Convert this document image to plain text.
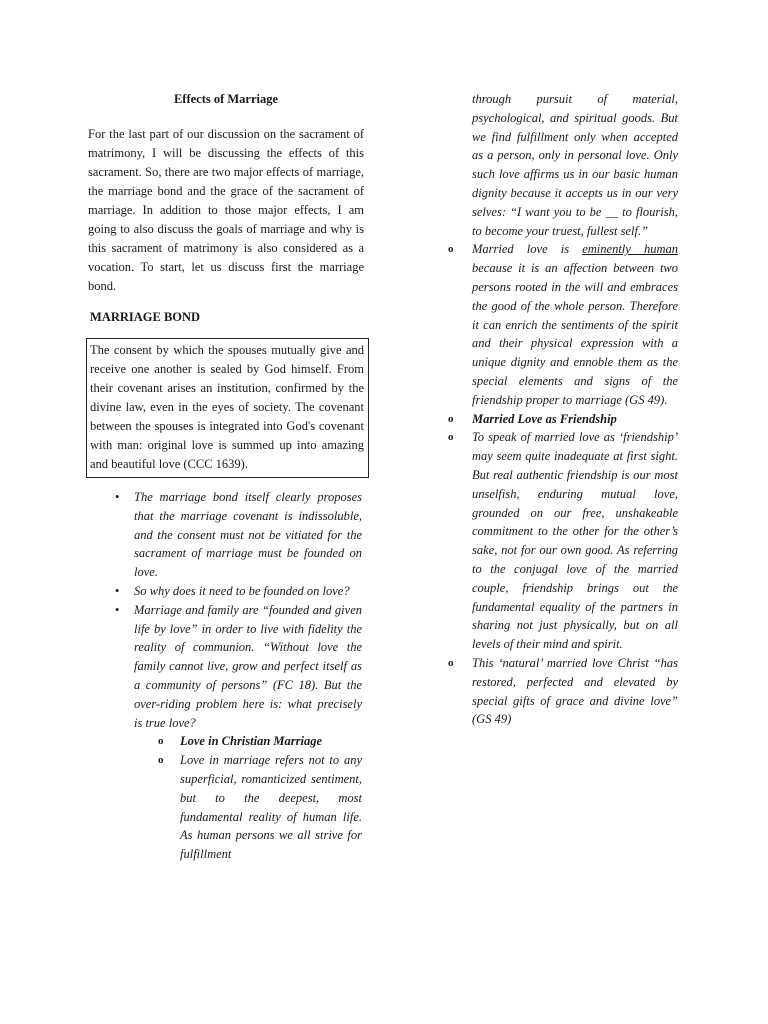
Effects of Marriage

For the last part of our discussion on the sacrament of matrimony, I will be discussing the effects of this sacrament. So, there are two major effects of marriage, the marriage bond and the grace of the sacrament of marriage. In addition to those major effects, I am going to also discuss the goals of marriage and why is this sacrament of matrimony is also considered as a vocation. To start, let us discuss first the marriage bond.

MARRIAGE BOND
The consent by which the spouses mutually give and receive one another is sealed by God himself. From their covenant arises an institution, confirmed by the divine law, even in the eyes of society. The covenant between the spouses is integrated into God's covenant with man: original love is summed up into amazing and beautiful love (CCC 1639).
• The marriage bond itself clearly proposes that the marriage covenant is indissoluble, and the consent must not be vitiated for the sacrament of marriage must be founded on love.
• So why does it need to be founded on love?
• Marriage and family are “founded and given life by love” in order to live with fidelity the reality of communion. “Without love the family cannot live, grow and perfect itself as a community of persons” (FC 18). But the over-riding problem here is: what precisely is true love?
o Love in Christian Marriage
o Love in marriage refers not to any superficial, romanticized sentiment, but to the deepest, most fundamental reality of human life. As human persons we all strive for fulfillment

through pursuit of material, psychological, and spiritual goods. But we find fulfillment only when accepted as a person, only in personal love. Only such love affirms us in our basic human dignity because it accepts us in our very selves: “I want you to be __ to flourish, to become your truest, fullest self.”

o Married love is eminently human because it is an affection between two persons rooted in the will and embraces the good of the whole person. Therefore it can enrich the sentiments of the spirit and their physical expression with a unique dignity and ennoble them as the special elements and signs of the friendship proper to marriage (GS 49).
o Married Love as Friendship
o To speak of married love as ‘friendship’ may seem quite inadequate at first sight. But real authentic friendship is our most unselfish, enduring mutual love, grounded on our free, unshakeable commitment to the other for the other’s sake, not for our own good. As referring to the conjugal love of the married couple, friendship brings out the fundamental equality of the partners in sharing not just physically, but on all levels of their mind and spirit.
o This ‘natural’ married love Christ “has restored, perfected and elevated by special gifts of grace and divine love” (GS 49)
